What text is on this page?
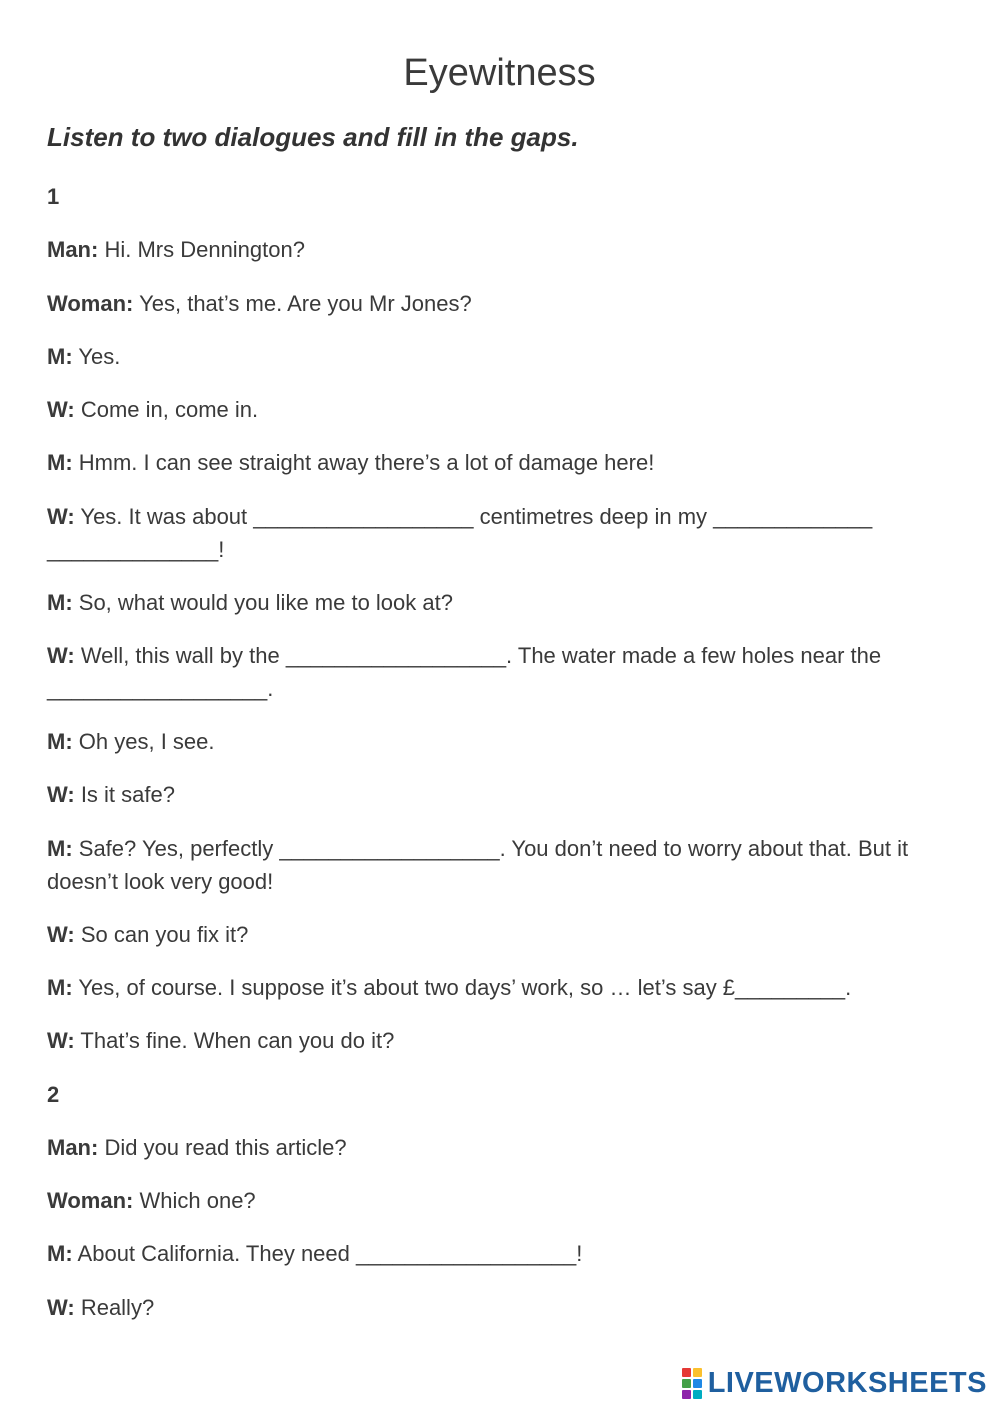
Eyewitness
Listen to two dialogues and fill in the gaps.
1
Man: Hi. Mrs Dennington?
Woman: Yes, that’s me. Are you Mr Jones?
M: Yes.
W: Come in, come in.
M: Hmm. I can see straight away there’s a lot of damage here!
W: Yes. It was about __________________ centimetres deep in my _____________ ______________!
M: So, what would you like me to look at?
W: Well, this wall by the __________________. The water made a few holes near the __________________.
M: Oh yes, I see.
W: Is it safe?
M: Safe? Yes, perfectly __________________. You don’t need to worry about that. But it doesn’t look very good!
W: So can you fix it?
M: Yes, of course. I suppose it’s about two days’ work, so … let’s say £_________.
W: That’s fine. When can you do it?
2
Man: Did you read this article?
Woman: Which one?
M: About California. They need __________________!
W: Really?
LIVEWORKSHEETS
